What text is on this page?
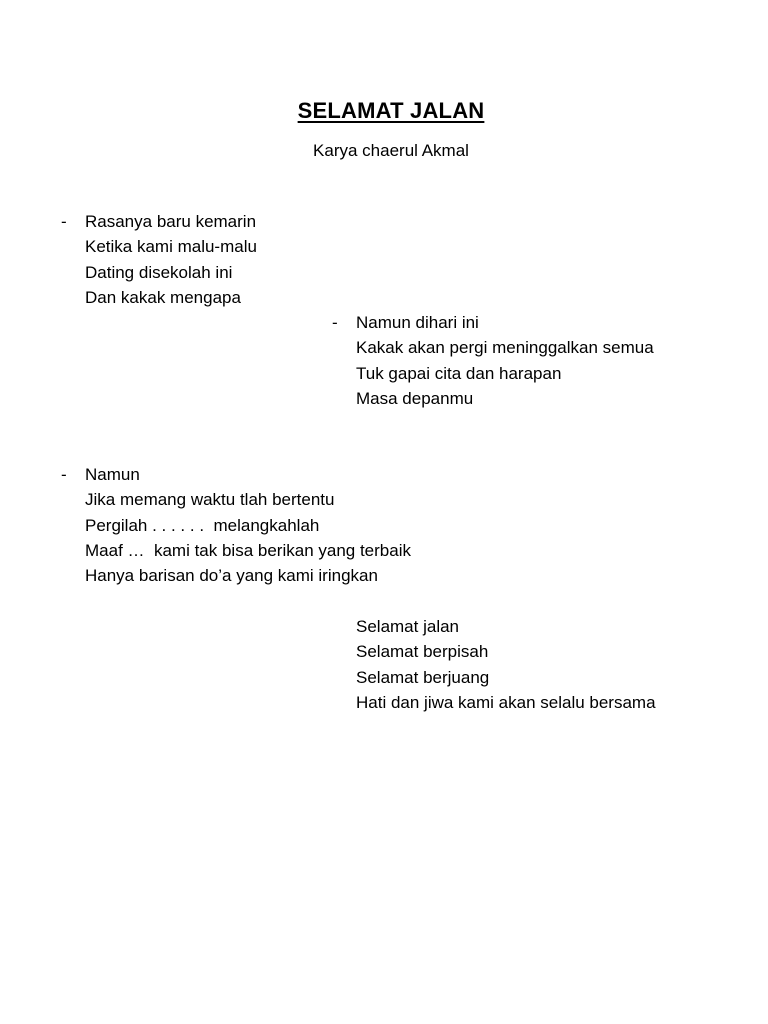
SELAMAT JALAN
Karya chaerul Akmal
- Rasanya baru kemarin
Ketika kami malu-malu
Dating disekolah ini
Dan kakak mengapa
- Namun dihari ini
Kakak akan pergi meninggalkan semua
Tuk gapai cita dan harapan
Masa depanmu
- Namun
Jika memang waktu tlah bertentu
Pergilah . . . . . .  melangkahlah
Maaf …  kami tak bisa berikan yang terbaik
Hanya barisan do’a yang kami iringkan
Selamat jalan
Selamat berpisah
Selamat berjuang
Hati dan jiwa kami akan selalu bersama
